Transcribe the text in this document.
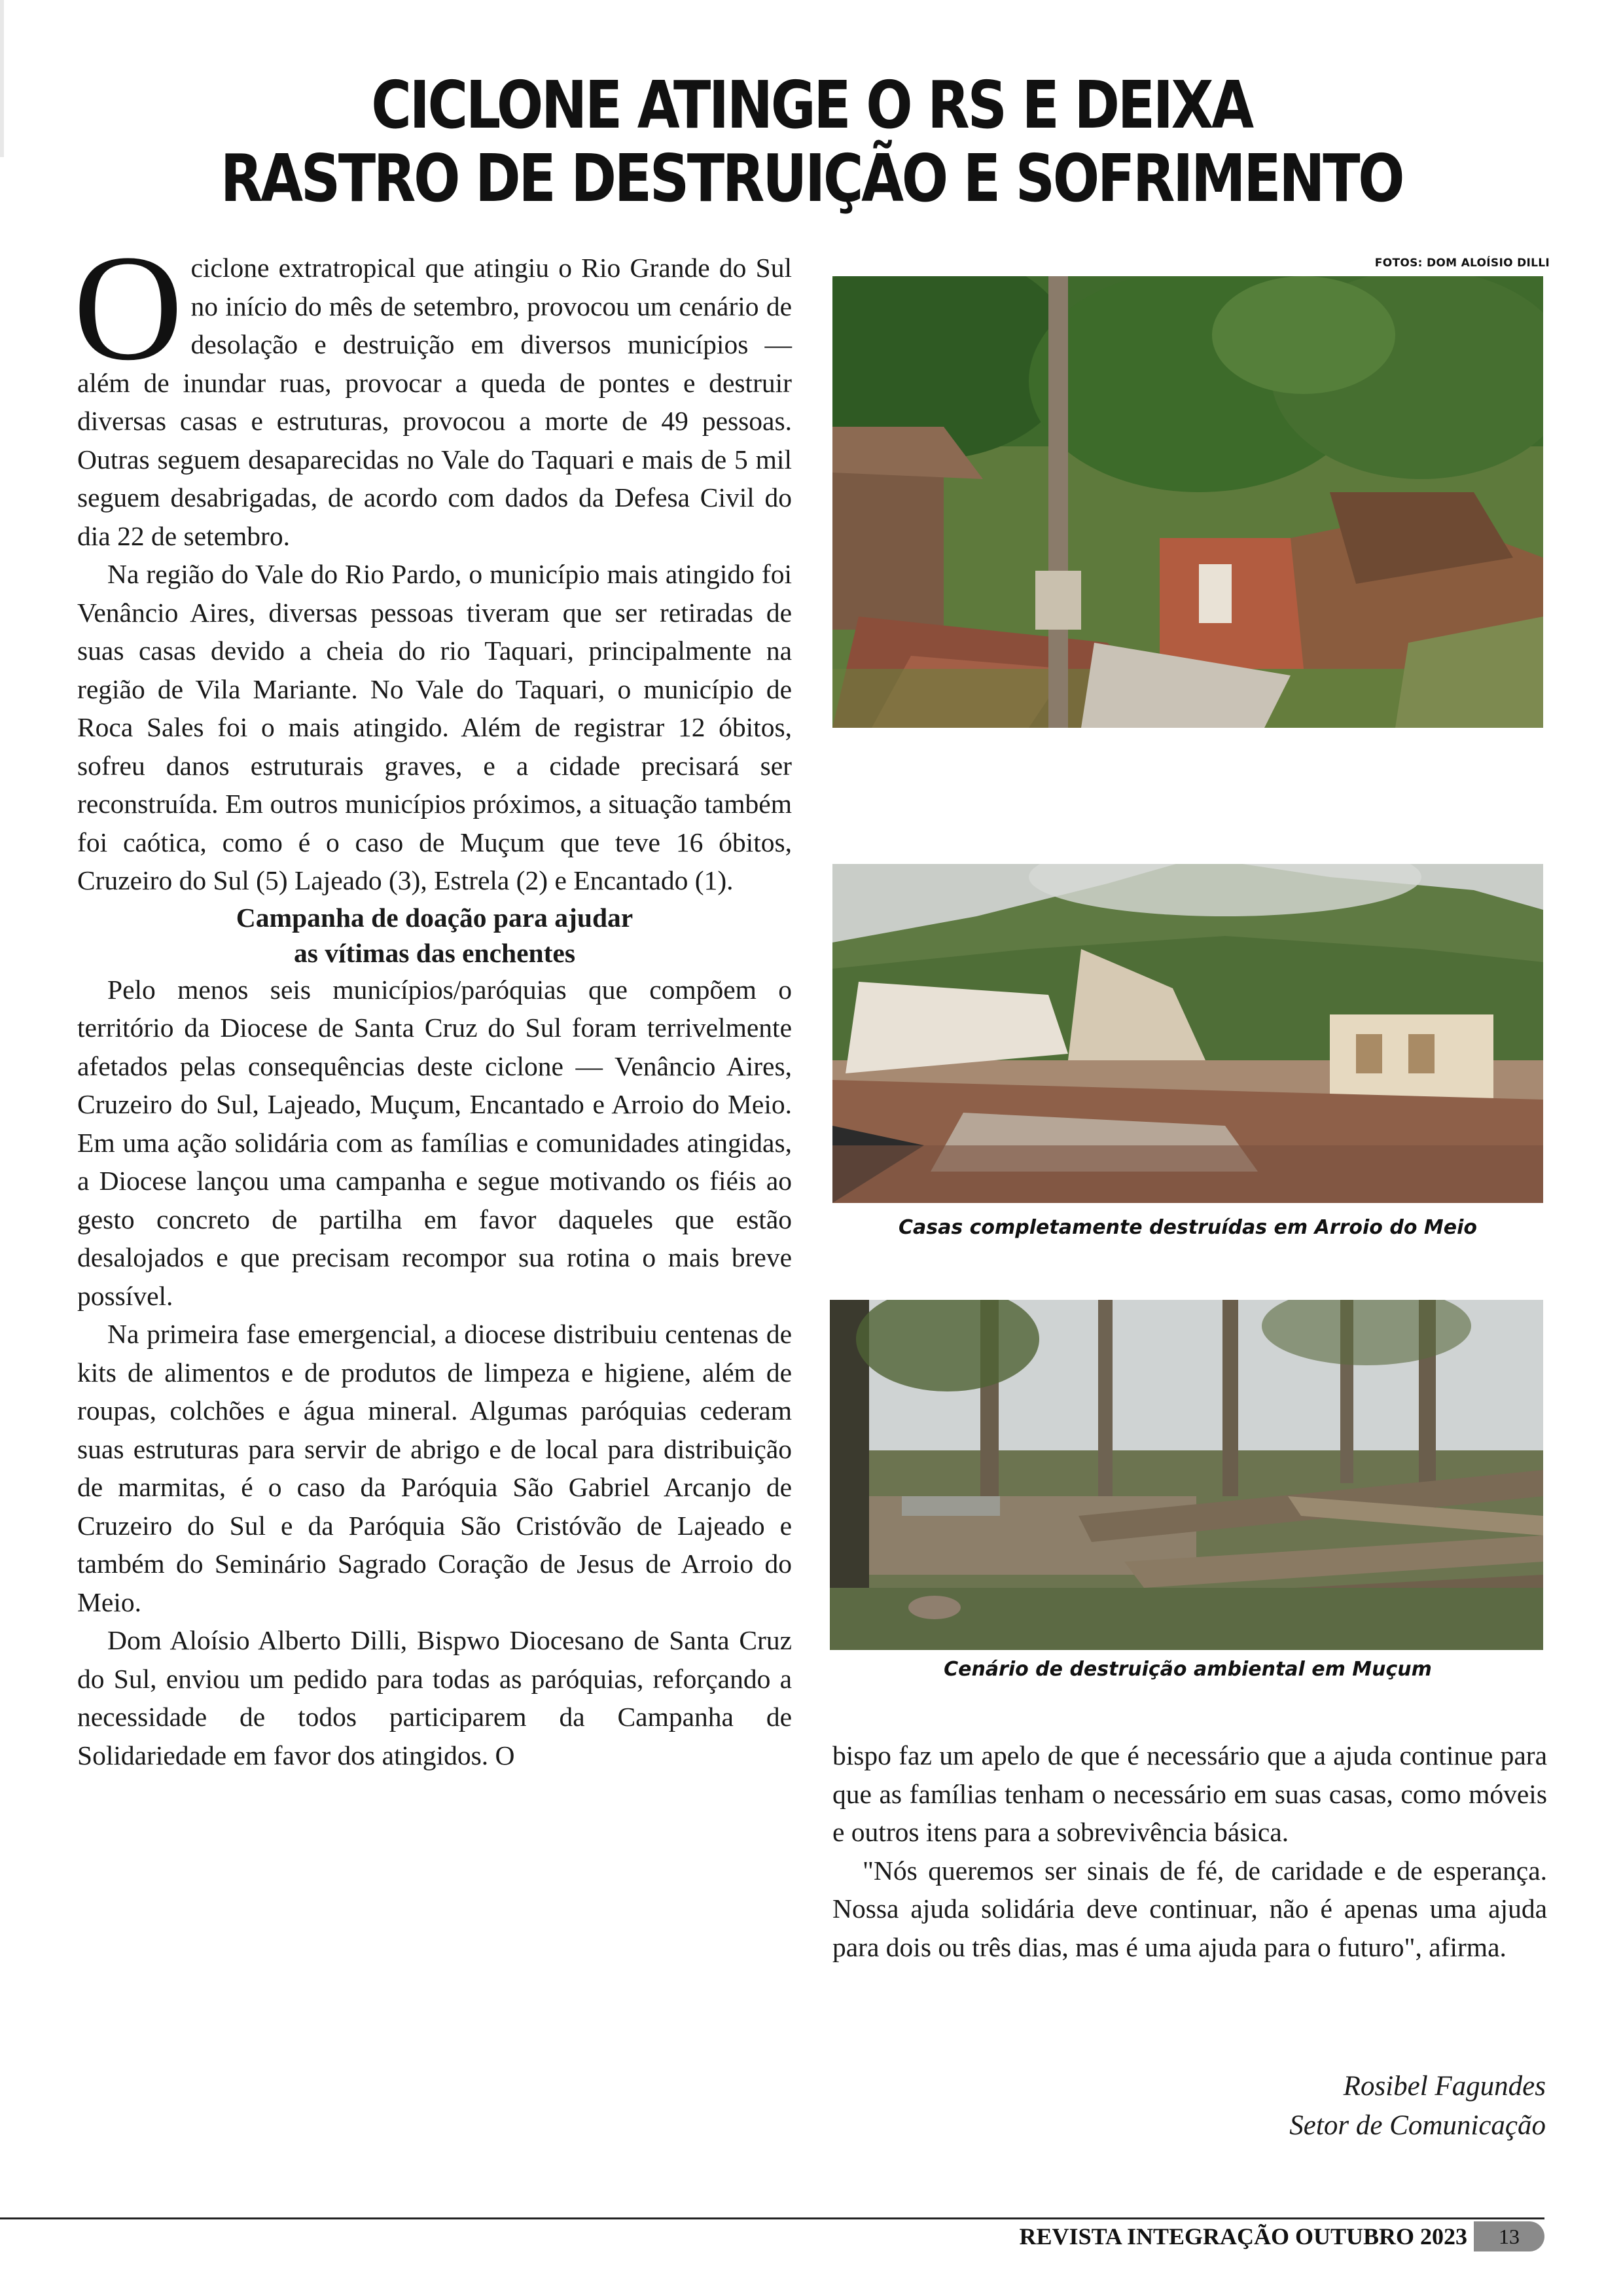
CICLONE ATINGE O RS E DEIXA
RASTRO DE DESTRUIÇÃO E SOFRIMENTO

Ociclone extratropical que atingiu o Rio Grande do Sul no início do mês de setembro, provocou um cenário de desolação e destruição em diversos municípios — além de inundar ruas, provocar a queda de pontes e destruir diversas casas e estruturas, provocou a morte de 49 pessoas. Outras seguem desaparecidas no Vale do Taquari e mais de 5 mil seguem desabrigadas, de acordo com dados da Defesa Civil do dia 22 de setembro.

Na região do Vale do Rio Pardo, o município mais atingido foi Venâncio Aires, diversas pessoas tiveram que ser retiradas de suas casas devido a cheia do rio Taquari, principalmente na região de Vila Mariante. No Vale do Taquari, o município de Roca Sales foi o mais atingido. Além de registrar 12 óbitos, sofreu danos estruturais graves, e a cidade precisará ser reconstruída. Em outros municípios próximos, a situação também foi caótica, como é o caso de Muçum que teve 16 óbitos, Cruzeiro do Sul (5) Lajeado (3), Estrela (2) e Encantado (1).

Campanha de doação para ajudar
as vítimas das enchentes

Pelo menos seis municípios/paróquias que compõem o território da Diocese de Santa Cruz do Sul foram terrivelmente afetados pelas consequências deste ciclone — Venâncio Aires, Cruzeiro do Sul, Lajeado, Muçum, Encantado e Arroio do Meio. Em uma ação solidária com as famílias e comunidades atingidas, a Diocese lançou uma campanha e segue motivando os fiéis ao gesto concreto de partilha em favor daqueles que estão desalojados e que precisam recompor sua rotina o mais breve possível.

Na primeira fase emergencial, a diocese distribuiu centenas de kits de alimentos e de produtos de limpeza e higiene, além de roupas, colchões e água mineral. Algumas paróquias cederam suas estruturas para servir de abrigo e de local para distribuição de marmitas, é o caso da Paróquia São Gabriel Arcanjo de Cruzeiro do Sul e da Paróquia São Cristóvão de Lajeado e também do Seminário Sagrado Coração de Jesus de Arroio do Meio.

Dom Aloísio Alberto Dilli, Bispwo Diocesano de Santa Cruz do Sul, enviou um pedido para todas as paróquias, reforçando a necessidade de todos participarem da Campanha de Solidariedade em favor dos atingidos. O

FOTOS: DOM ALOÍSIO DILLI
Casas completamente destruídas em Arroio do Meio
Cenário de destruição ambiental em Muçum

bispo faz um apelo de que é necessário que a ajuda continue para que as famílias tenham o necessário em suas casas, como móveis e outros itens para a sobrevivência básica.

"Nós queremos ser sinais de fé, de caridade e de esperança. Nossa ajuda solidária deve continuar, não é apenas uma ajuda para dois ou três dias, mas é uma ajuda para o futuro", afirma.

Rosibel Fagundes
Setor de Comunicação
REVISTA INTEGRAÇÃO OUTUBRO 2023	13
